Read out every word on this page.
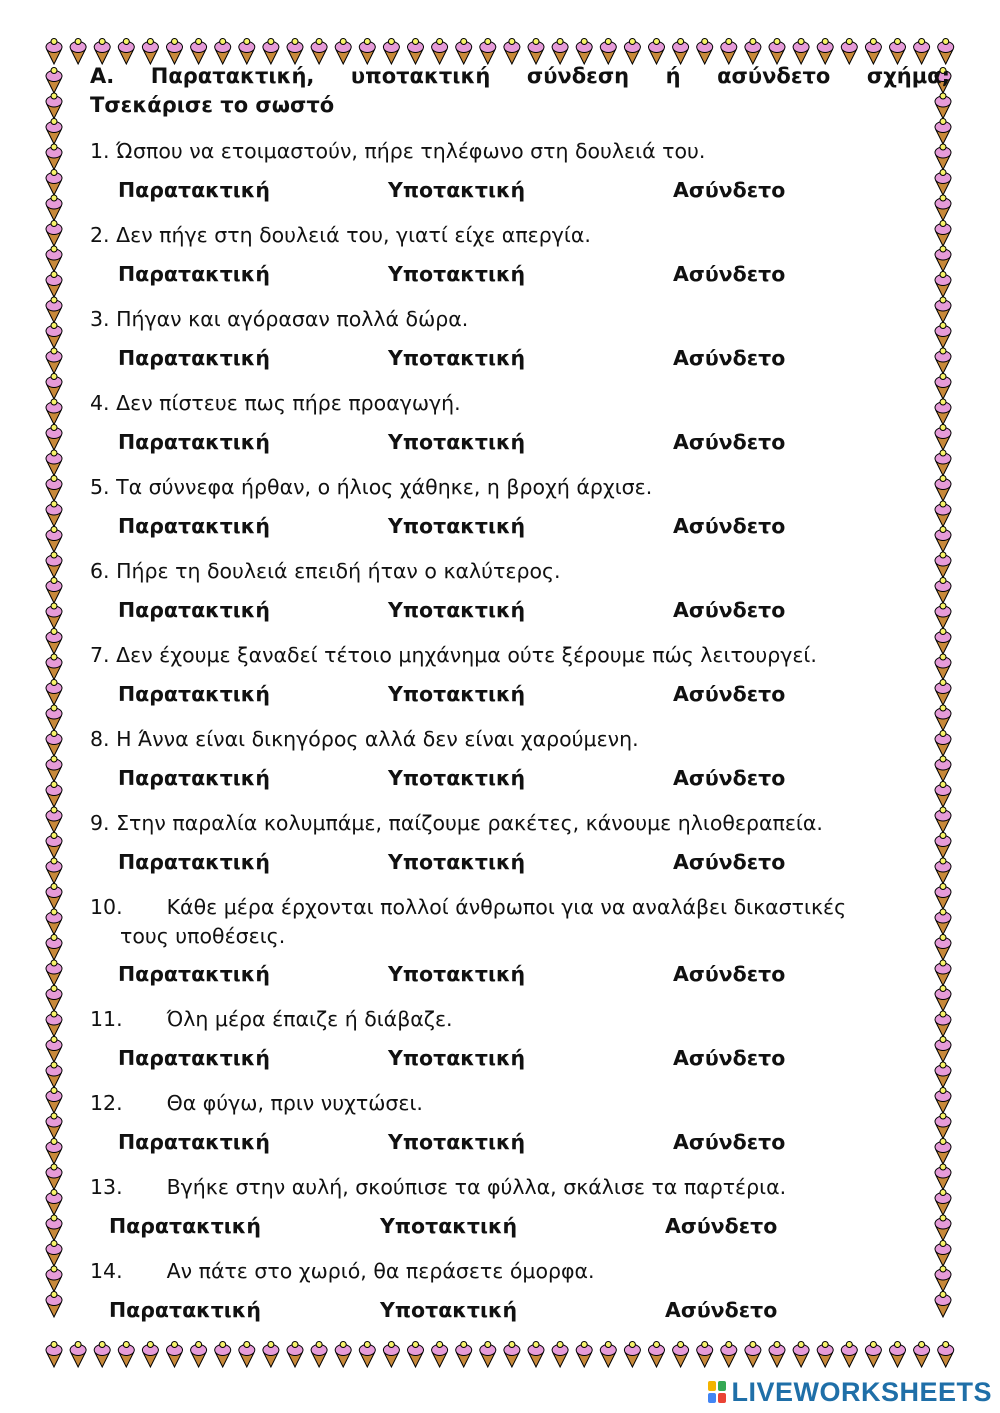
Α. Παρατακτική, υποτακτική σύνδεση ή ασύνδετο σχήμα;
Τσεκάρισε το σωστό
1. Ώσπου να ετοιμαστούν, πήρε τηλέφωνο στη δουλειά του.
Παρατακτική	Υποτακτική	Ασύνδετο
2. Δεν πήγε στη δουλειά του, γιατί είχε απεργία.
Παρατακτική	Υποτακτική	Ασύνδετο
3. Πήγαν και αγόρασαν πολλά δώρα.
Παρατακτική	Υποτακτική	Ασύνδετο
4. Δεν πίστευε πως πήρε προαγωγή.
Παρατακτική	Υποτακτική	Ασύνδετο
5. Τα σύννεφα ήρθαν, ο ήλιος χάθηκε, η βροχή άρχισε.
Παρατακτική	Υποτακτική	Ασύνδετο
6. Πήρε τη δουλειά επειδή ήταν ο καλύτερος.
Παρατακτική	Υποτακτική	Ασύνδετο
7. Δεν έχουμε ξαναδεί τέτοιο μηχάνημα ούτε ξέρουμε πώς λειτουργεί.
Παρατακτική	Υποτακτική	Ασύνδετο
8. Η Άννα είναι δικηγόρος αλλά δεν είναι χαρούμενη.
Παρατακτική	Υποτακτική	Ασύνδετο
9. Στην παραλία κολυμπάμε, παίζουμε ρακέτες, κάνουμε ηλιοθεραπεία.
Παρατακτική	Υποτακτική	Ασύνδετο
10. Κάθε μέρα έρχονται πολλοί άνθρωποι για να αναλάβει δικαστικές
τους υποθέσεις.
Παρατακτική	Υποτακτική	Ασύνδετο
11. Όλη μέρα έπαιζε ή διάβαζε.
Παρατακτική	Υποτακτική	Ασύνδετο
12. Θα φύγω, πριν νυχτώσει.
Παρατακτική	Υποτακτική	Ασύνδετο
13. Βγήκε στην αυλή, σκούπισε τα φύλλα, σκάλισε τα παρτέρια.
Παρατακτική	Υποτακτική	Ασύνδετο
14. Αν πάτε στο χωριό, θα περάσετε όμορφα.
Παρατακτική	Υποτακτική	Ασύνδετο
LIVEWORKSHEETS
